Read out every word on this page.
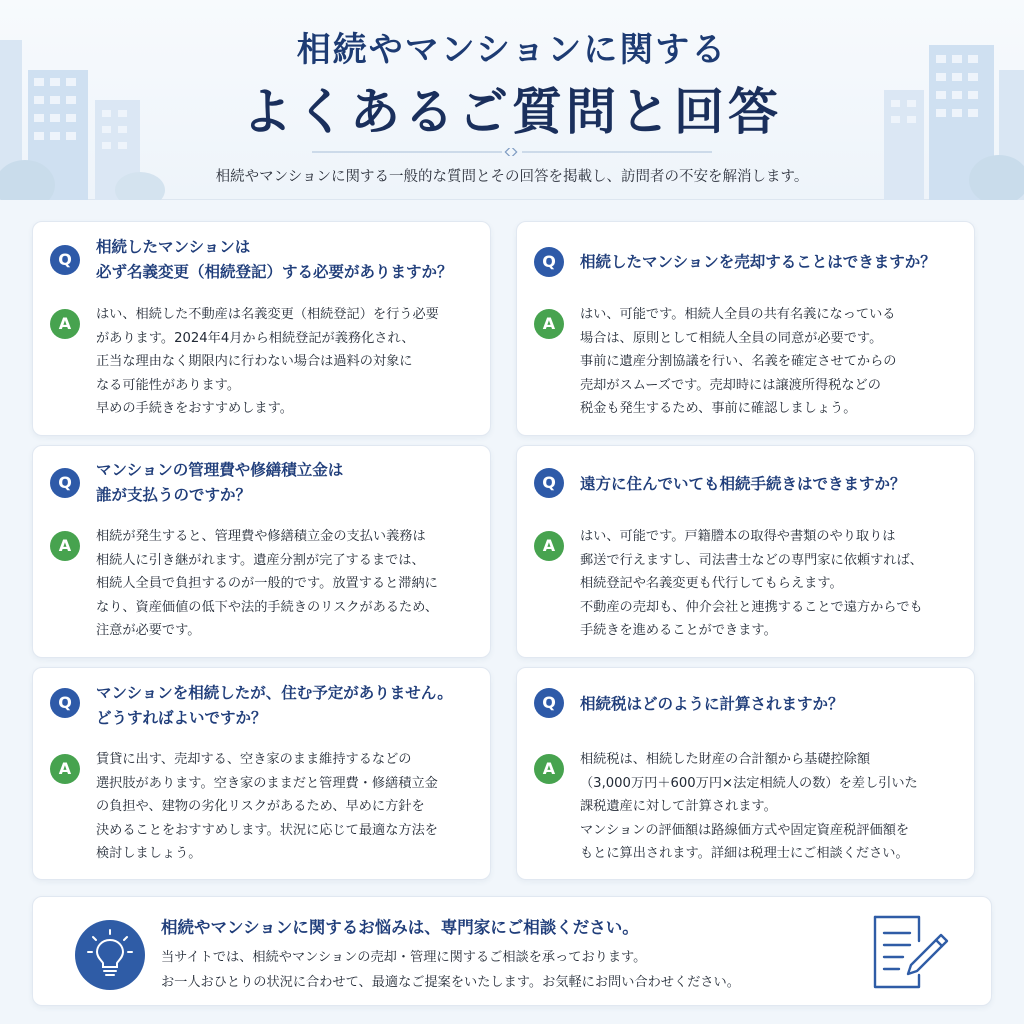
相続やマンションに関する
よくあるご質問と回答
相続やマンションに関する一般的な質問とその回答を掲載し、訪問者の不安を解消します。
Q
相続したマンションは
必ず名義変更（相続登記）する必要がありますか？
A	はい、相続した不動産は名義変更（相続登記）を行う必要
があります。2024年4月から相続登記が義務化され、
正当な理由なく期限内に行わない場合は過料の対象に
なる可能性があります。
早めの手続きをおすすめします。
Q	相続したマンションを売却することはできますか？
A	はい、可能です。相続人全員の共有名義になっている
場合は、原則として相続人全員の同意が必要です。
事前に遺産分割協議を行い、名義を確定させてからの
売却がスムーズです。売却時には譲渡所得税などの
税金も発生するため、事前に確認しましょう。
Q
マンションの管理費や修繕積立金は
誰が支払うのですか？
A	相続が発生すると、管理費や修繕積立金の支払い義務は
相続人に引き継がれます。遺産分割が完了するまでは、
相続人全員で負担するのが一般的です。放置すると滞納に
なり、資産価値の低下や法的手続きのリスクがあるため、
注意が必要です。
Q	遠方に住んでいても相続手続きはできますか？
A	はい、可能です。戸籍謄本の取得や書類のやり取りは
郵送で行えますし、司法書士などの専門家に依頼すれば、
相続登記や名義変更も代行してもらえます。
不動産の売却も、仲介会社と連携することで遠方からでも
手続きを進めることができます。
Q
マンションを相続したが、住む予定がありません。
どうすればよいですか？
A	賃貸に出す、売却する、空き家のまま維持するなどの
選択肢があります。空き家のままだと管理費・修繕積立金
の負担や、建物の劣化リスクがあるため、早めに方針を
決めることをおすすめします。状況に応じて最適な方法を
検討しましょう。
Q	相続税はどのように計算されますか？
A	相続税は、相続した財産の合計額から基礎控除額
（3,000万円＋600万円×法定相続人の数）を差し引いた
課税遺産に対して計算されます。
マンションの評価額は路線価方式や固定資産税評価額を
もとに算出されます。詳細は税理士にご相談ください。
相続やマンションに関するお悩みは、専門家にご相談ください。
当サイトでは、相続やマンションの売却・管理に関するご相談を承っております。
お一人おひとりの状況に合わせて、最適なご提案をいたします。お気軽にお問い合わせください。
